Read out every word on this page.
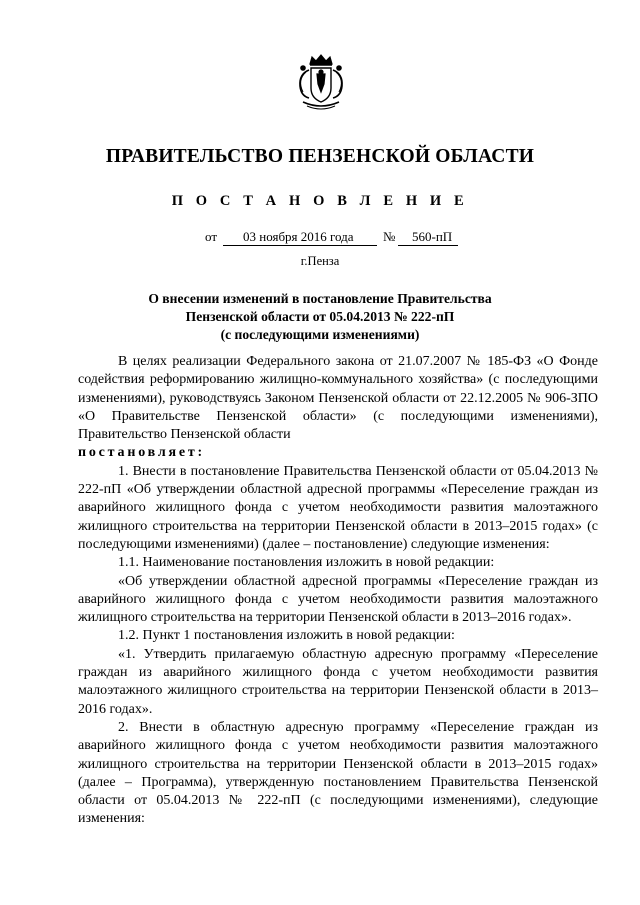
ПРАВИТЕЛЬСТВО ПЕНЗЕНСКОЙ ОБЛАСТИ
П О С Т А Н О В Л Е Н И Е
от 03 ноября 2016 года № 560-пП
г.Пенза
О внесении изменений в постановление Правительства
Пензенской области от 05.04.2013 № 222-пП
(с последующими изменениями)

В целях реализации Федерального закона от 21.07.2007 № 185-ФЗ «О Фонде содействия реформированию жилищно-коммунального хозяйства» (с последующими изменениями), руководствуясь Законом Пензенской области от 22.12.2005 № 906-ЗПО «О Правительстве Пензенской области» (с последующими изменениями), Правительство Пензенской области

постановляет:

1. Внести в постановление Правительства Пензенской области от 05.04.2013 № 222-пП «Об утверждении областной адресной программы «Переселение граждан из аварийного жилищного фонда с учетом необходимости развития малоэтажного жилищного строительства на территории Пензенской области в 2013–2015 годах» (с последующими изменениями) (далее – постановление) следующие изменения:

1.1. Наименование постановления изложить в новой редакции:

«Об утверждении областной адресной программы «Переселение граждан из аварийного жилищного фонда с учетом необходимости развития малоэтажного жилищного строительства на территории Пензенской области в 2013–2016 годах».

1.2. Пункт 1 постановления изложить в новой редакции:

«1. Утвердить прилагаемую областную адресную программу «Переселение граждан из аварийного жилищного фонда с учетом необходимости развития малоэтажного жилищного строительства на территории Пензенской области в 2013–2016 годах».

2. Внести в областную адресную программу «Переселение граждан из аварийного жилищного фонда с учетом необходимости развития малоэтажного жилищного строительства на территории Пензенской области в 2013–2015 годах» (далее – Программа), утвержденную постановлением Правительства Пензенской области от 05.04.2013 № 222-пП (с последующими изменениями), следующие изменения:
